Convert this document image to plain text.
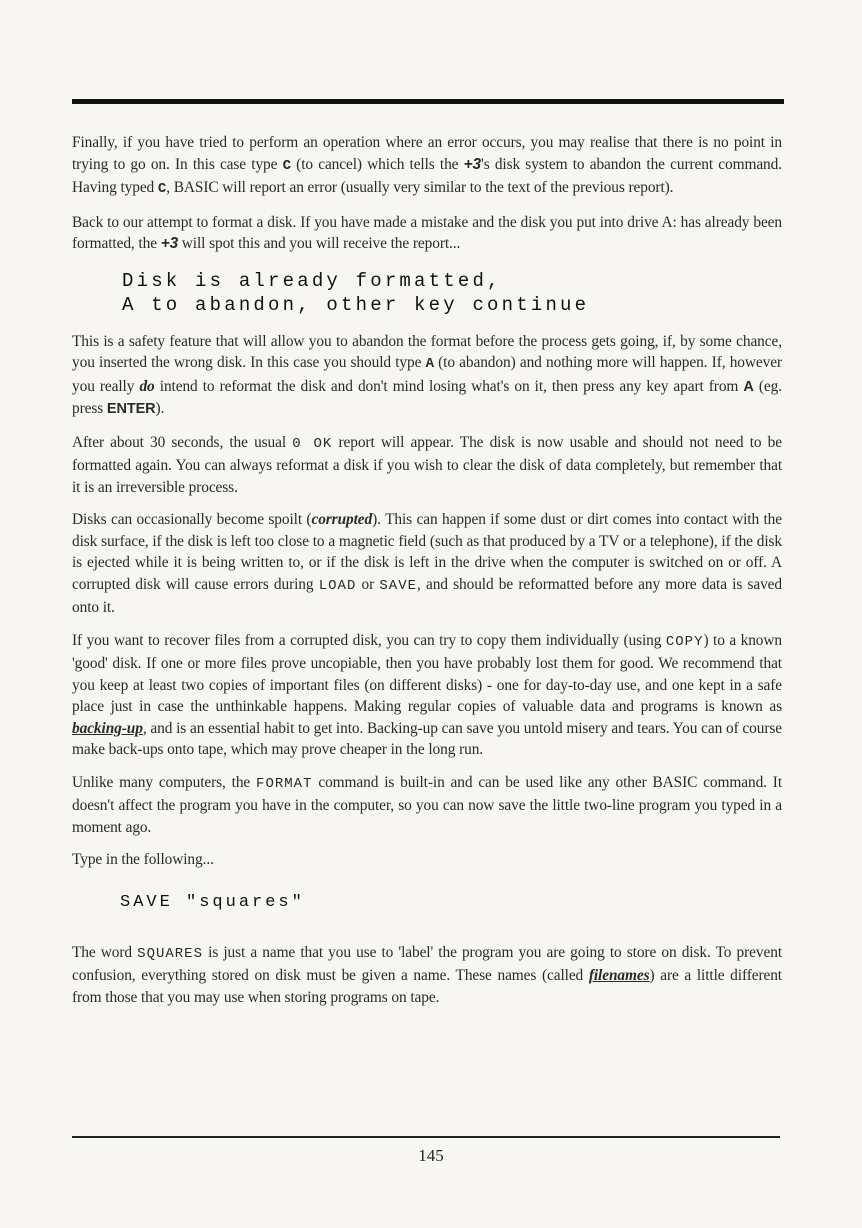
Finally, if you have tried to perform an operation where an error occurs, you may realise that there is no point in trying to go on. In this case type C (to cancel) which tells the +3's disk system to abandon the current command. Having typed C, BASIC will report an error (usually very similar to the text of the previous report).

Back to our attempt to format a disk. If you have made a mistake and the disk you put into drive A: has already been formatted, the +3 will spot this and you will receive the report...

Disk is already formatted,
A to abandon, other key continue

This is a safety feature that will allow you to abandon the format before the process gets going, if, by some chance, you inserted the wrong disk. In this case you should type A (to abandon) and nothing more will happen. If, however you really do intend to reformat the disk and don't mind losing what's on it, then press any key apart from A (eg. press ENTER).

After about 30 seconds, the usual 0 OK report will appear. The disk is now usable and should not need to be formatted again. You can always reformat a disk if you wish to clear the disk of data completely, but remember that it is an irreversible process.

Disks can occasionally become spoilt (corrupted). This can happen if some dust or dirt comes into contact with the disk surface, if the disk is left too close to a magnetic field (such as that produced by a TV or a telephone), if the disk is ejected while it is being written to, or if the disk is left in the drive when the computer is switched on or off. A corrupted disk will cause errors during LOAD or SAVE, and should be reformatted before any more data is saved onto it.

If you want to recover files from a corrupted disk, you can try to copy them individually (using COPY) to a known 'good' disk. If one or more files prove uncopiable, then you have probably lost them for good. We recommend that you keep at least two copies of important files (on different disks) - one for day-to-day use, and one kept in a safe place just in case the unthinkable happens. Making regular copies of valuable data and programs is known as backing-up, and is an essential habit to get into. Backing-up can save you untold misery and tears. You can of course make back-ups onto tape, which may prove cheaper in the long run.

Unlike many computers, the FORMAT command is built-in and can be used like any other BASIC command. It doesn't affect the program you have in the computer, so you can now save the little two-line program you typed in a moment ago.

Type in the following...

SAVE "squares"

The word SQUARES is just a name that you use to 'label' the program you are going to store on disk. To prevent confusion, everything stored on disk must be given a name. These names (called filenames) are a little different from those that you may use when storing programs on tape.

145
